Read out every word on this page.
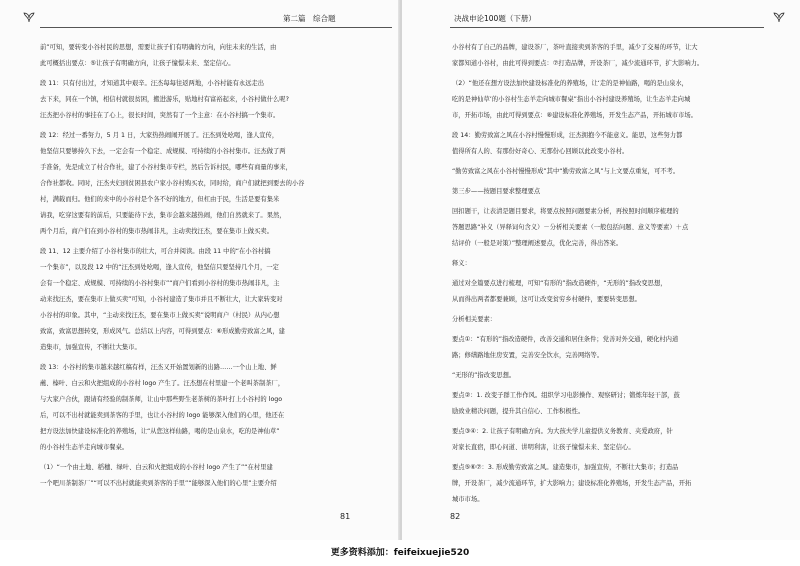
第二篇　综合题

前”可知，要转变小谷村民的思想，需要让孩子们有明确的方向，向往未来的生活，由

此可概括出要点：⑤让孩子有明确方向，让孩子憧憬未来、坚定信心。

段 11：只有付出过，才知道其中艰辛。汪杰每每往返两地，小谷村能有永远走出

去下来，同在一个镇，相信村就很贫困，搬进游乐，贴地村有富裕起来，小谷村做什么呢?

汪杰把小谷村的事挂在了心上，很长时间，突然有了一个主意：在小谷村搞一个集市。

段 12：经过一番努力，5 月 1 日，大家热热闹闹开展了。汪杰到处吆喝，逢人宣传，

他坚信只要够持久下去，一定会有一个稳定、成规模、可持续的小谷村集市。汪杰做了两

手准备，先是成立了村合作社，建了小谷村集市专栏，然后告诉村民，哪些有商量的事来，

合作社都收。同时，汪杰夫妇到贫困县农户家小谷村购买农，同时给，商户们就把到要去的小谷

村，满载而归。他们的来中的小谷村是个各不好的地方，但杠由于民，生活是要有集米

请我，吃穿这要有的前后，只要能待下去，集市会越来越热闹，他们自然就来了。果然，

两个月后，商户们在到小谷村的集市热闹非凡，主动卖找汪杰，要在集市上做买卖。

段 11、12 主要介绍了小谷村集市的壮大，可合并阅读。由段 11 中的“在小谷村搞

一个集市”，以及段 12 中的“汪杰到处吆喝，逢人宣传，他坚信只要坚持几个月，一定

会有一个稳定、成规模、可持续的小谷村集市”“商户们看到小谷村的集市热闹非凡，主

动来找汪杰，要在集市上做买卖”可知，小谷村建造了集市并且不断壮大，让大家转变对

小谷村的印象。其中，“主动来找汪杰，要在集市上做买卖”说明商户（村民）从内心想

致富，致富思想转变，形成风气。总结以上内容，可得到要点：⑥形成勤劳致富之风，建

造集市，加强宣传，不断壮大集市。

段 13：小谷村的集市越来越红稿有样，汪杰又开始置划新的出路……一个山上地、鲜

蘸、榛叶、白云和火把组成的小谷村 logo 产生了。汪杰想在村里建一个老叫茶制茶厂，

与大家户合伙，跟请有经验的制茶师，让山中那些野生老茶树的茶叶打上小谷村的 logo

后，可以不出村就能卖到茶客的手里，也让小谷村的 logo 能够深入他们的心里，他还在

把方设法加快建设标准化的养殖场，让“从您这样仙路，喝的是山泉水，吃的是神仙草”

的小谷村生态羊走向城市餐桌。

（1）“一个由土地、稻穗、绿叶、白云和火把组成的小谷村 logo 产生了”“在村里建

一个吧川茶制茶厂”“可以不出村就能卖到茶客的手里”“能够深入他们的心里”主要介绍

81
决战申论100题（下册）

小谷村有了自己的品牌，建设茶厂，茶叶直接卖到茶客的手里，减少了交易的环节，让大

家都知道小谷村，由此可得到要点：⑦打造品牌，开设茶厂，减少流通环节，扩大影响力。

（2）“他还在想方设法加快建设标准化的养殖场，让‘走的是神仙路，喝的是山泉水，

吃的是神仙草’的小谷村生态羊走向城市餐桌”指出小谷村建设养殖场，让生态羊走向城

市，开拓市场，由此可得到要点：⑧建设标准化养殖场，开发生态产品，开拓城市市场。

段 14：勤劳致富之风在小谷村慢慢形成，汪杰拥抱今不能意义。能思，这些努力都

值得所有人的、有那份好奇心、无那份心回顾以此改变小谷村。

“勤劳致富之风在小谷村慢慢形成”其中“勤劳致富之风”与上文要点重复，可不考。

第三步——按题目要求整理要点

回扣题干，让表清是题目要求，将要点按照问题要素分析，再按照时间顺序梳理的

答题思路“补义（异释词句含义）－分析相关要素（一般包括问题、意义等要素）＋点

结评价（一般是对策）”整理阐述要点，优化完善，得出答案。

释义：

通过对全篇要点进行梳理，可知“有形的”指改造硬件，“无形的”指改变思想，

从而得出两者都要兼顾，这可让改变贫穷乡村硬件，要要转变思想。

分析相关要素：

要点①：“有形的”指改造硬件，改善交通和居住条件；党善对外交通，硬化村内道

路；修缮路地住房安置，完善安全饮水，完善网络等。

“无形的”指改变思想。

要点②：1. 改变子群工作作风。组织学习电影操作、观察研讨；锻炼年轻干部，鼓

励致业精决问题，提升其自信心、工作积极性。

要点③④：2. 让孩子有明确方向。为大孩夫学儿童提供义务教育、夹爱政府，针

对家长直宿，即心问道、讲明利害，让孩子憧憬未来、坚定信心。

要点⑤⑥⑦：3. 形成勤劳致富之风。建造集市，加强宣传，不断壮大集市；打造品

牌，开设茶厂，减少流通环节，扩大影响力；建设标准化养殖场，开发生态产品，开拓

城市市场。

82
更多资料添加：feifeixuejie520
